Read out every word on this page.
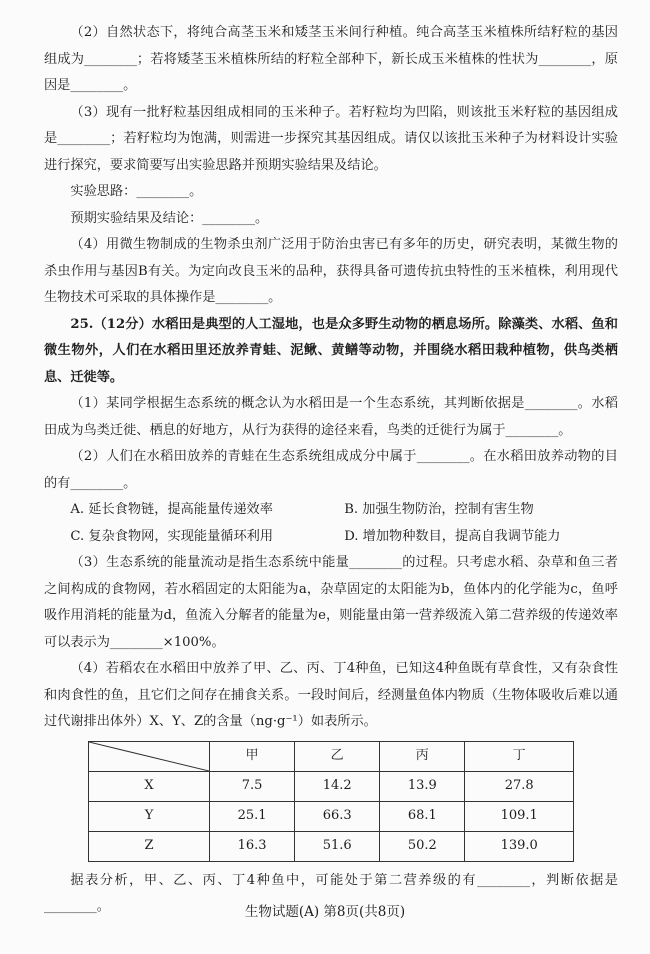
（2）自然状态下，将纯合高茎玉米和矮茎玉米间行种植。纯合高茎玉米植株所结籽粒的基因组成为________；若将矮茎玉米植株所结的籽粒全部种下，新长成玉米植株的性状为________，原因是________。

（3）现有一批籽粒基因组成相同的玉米种子。若籽粒均为凹陷，则该批玉米籽粒的基因组成是________；若籽粒均为饱满，则需进一步探究其基因组成。请仅以该批玉米种子为材料设计实验进行探究，要求简要写出实验思路并预期实验结果及结论。

实验思路：________。

预期实验结果及结论：________。

（4）用微生物制成的生物杀虫剂广泛用于防治虫害已有多年的历史，研究表明，某微生物的杀虫作用与基因B有关。为定向改良玉米的品种，获得具备可遗传抗虫特性的玉米植株，利用现代生物技术可采取的具体操作是________。

25.（12分）水稻田是典型的人工湿地，也是众多野生动物的栖息场所。除藻类、水稻、鱼和微生物外，人们在水稻田里还放养青蛙、泥鳅、黄鳝等动物，并围绕水稻田栽种植物，供鸟类栖息、迁徙等。

（1）某同学根据生态系统的概念认为水稻田是一个生态系统，其判断依据是________。水稻田成为鸟类迁徙、栖息的好地方，从行为获得的途径来看，鸟类的迁徙行为属于________。

（2）人们在水稻田放养的青蛙在生态系统组成成分中属于________。在水稻田放养动物的目的有________。

A. 延长食物链，提高能量传递效率	B. 加强生物防治，控制有害生物
C. 复杂食物网，实现能量循环利用	D. 增加物种数目，提高自我调节能力

（3）生态系统的能量流动是指生态系统中能量________的过程。只考虑水稻、杂草和鱼三者之间构成的食物网，若水稻固定的太阳能为a，杂草固定的太阳能为b，鱼体内的化学能为c，鱼呼吸作用消耗的能量为d，鱼流入分解者的能量为e，则能量由第一营养级流入第二营养级的传递效率可以表示为________×100%。

（4）若稻农在水稻田中放养了甲、乙、丙、丁4种鱼，已知这4种鱼既有草食性，又有杂食性和肉食性的鱼，且它们之间存在捕食关系。一段时间后，经测量鱼体内物质（生物体吸收后难以通过代谢排出体外）X、Y、Z的含量（ng·g⁻¹）如表所示。

	甲	乙	丙	丁
X	7.5	14.2	13.9	27.8
Y	25.1	66.3	68.1	109.1
Z	16.3	51.6	50.2	139.0

据表分析，甲、乙、丙、丁4种鱼中，可能处于第二营养级的有________，判断依据是________。	生物试题(A) 第8页(共8页)
